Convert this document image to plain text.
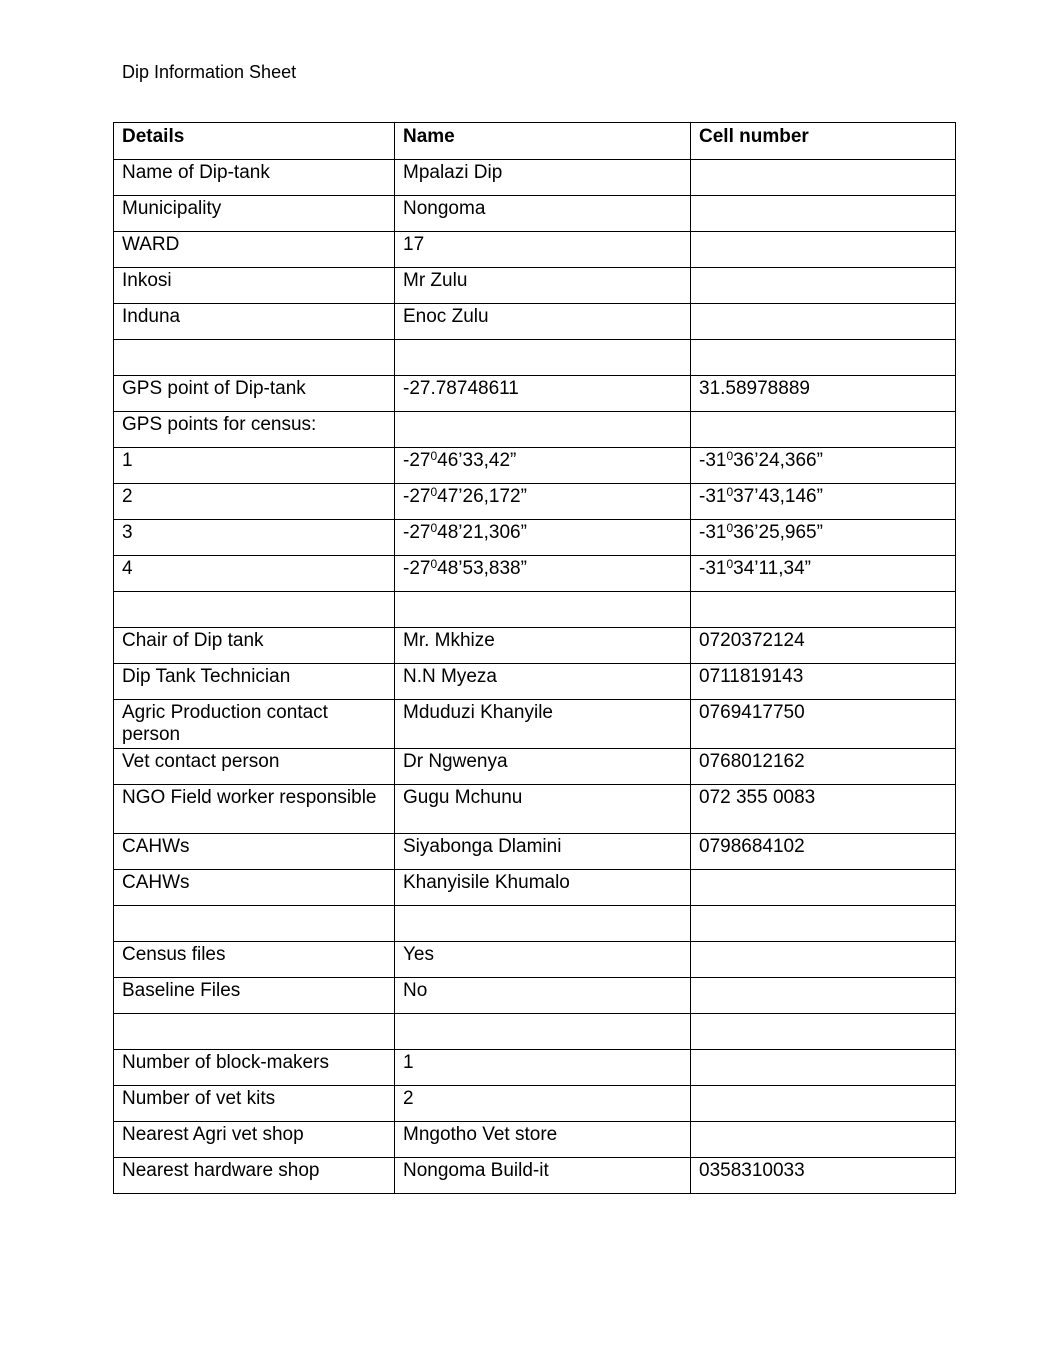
Dip Information Sheet
Details	Name	Cell number
Name of Dip-tank	Mpalazi Dip	
Municipality	Nongoma	
WARD	17	
Inkosi	Mr Zulu	
Induna	Enoc Zulu	

GPS point of Dip-tank	-27.78748611	31.58978889
GPS points for census:		
1	$-27^046’33,42$”	$-31^036’24,366$”
2	$-27^047’26,172$”	$-31^037’43,146$”
3	$-27^048’21,306$”	$-31^036’25,965$”
4	$-27^048’53,838$”	$-31^034’11,34$”

Chair of Dip tank	Mr. Mkhize	0720372124
Dip Tank Technician	N.N Myeza	0711819143
Agric Production contact person	Mduduzi Khanyile	0769417750
Vet contact person	Dr Ngwenya	0768012162
NGO Field worker responsible	Gugu Mchunu	072 355 0083
CAHWs	Siyabonga Dlamini	0798684102
CAHWs	Khanyisile Khumalo	

Census files	Yes	
Baseline Files	No	

Number of block-makers	1	
Number of vet kits	2	
Nearest Agri vet shop	Mngotho Vet store	
Nearest hardware shop	Nongoma Build-it	0358310033
